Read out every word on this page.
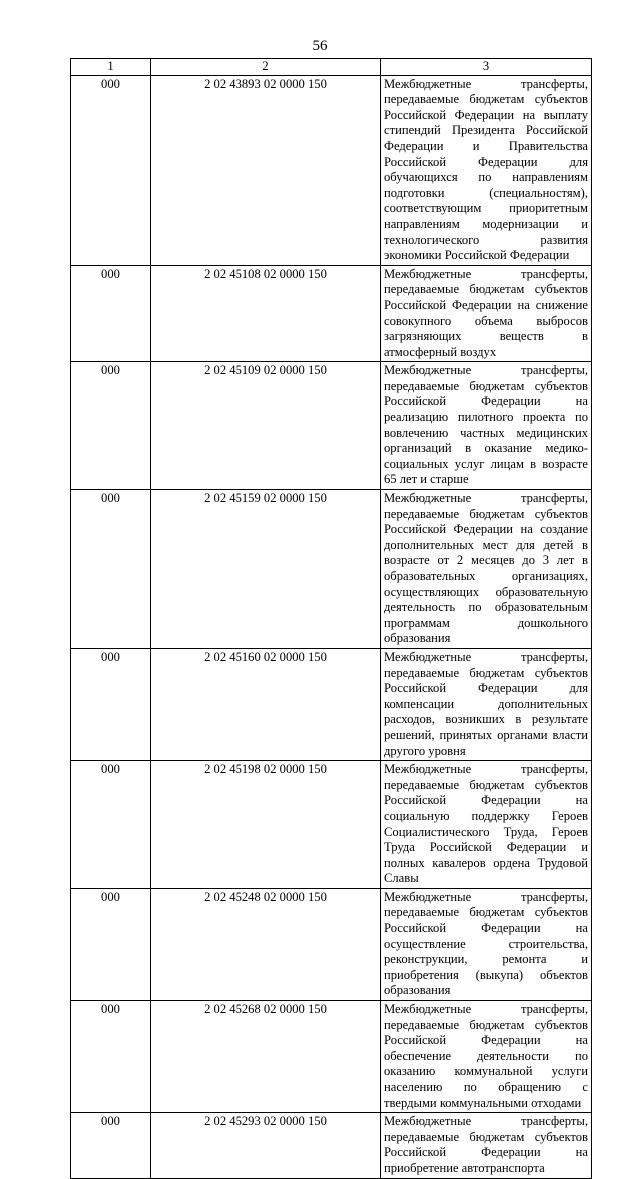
56
1	2	3
000	2 02 43893 02 0000 150	Межбюджетные трансферты, передаваемые бюджетам субъектов Российской Федерации на выплату стипендий Президента Российской Федерации и Правительства Российской Федерации для обучающихся по направлениям подготовки (специальностям), соответствующим приоритетным направлениям модернизации и технологического развития экономики Российской Федерации
000	2 02 45108 02 0000 150	Межбюджетные трансферты, передаваемые бюджетам субъектов Российской Федерации на снижение совокупного объема выбросов загрязняющих веществ в атмосферный воздух
000	2 02 45109 02 0000 150	Межбюджетные трансферты, передаваемые бюджетам субъектов Российской Федерации на реализацию пилотного проекта по вовлечению частных медицинских организаций в оказание медико-социальных услуг лицам в возрасте 65 лет и старше
000	2 02 45159 02 0000 150	Межбюджетные трансферты, передаваемые бюджетам субъектов Российской Федерации на создание дополнительных мест для детей в возрасте от 2 месяцев до 3 лет в образовательных организациях, осуществляющих образовательную деятельность по образовательным программам дошкольного образования
000	2 02 45160 02 0000 150	Межбюджетные трансферты, передаваемые бюджетам субъектов Российской Федерации для компенсации дополнительных расходов, возникших в результате решений, принятых органами власти другого уровня
000	2 02 45198 02 0000 150	Межбюджетные трансферты, передаваемые бюджетам субъектов Российской Федерации на социальную поддержку Героев Социалистического Труда, Героев Труда Российской Федерации и полных кавалеров ордена Трудовой Славы
000	2 02 45248 02 0000 150	Межбюджетные трансферты, передаваемые бюджетам субъектов Российской Федерации на осуществление строительства, реконструкции, ремонта и приобретения (выкупа) объектов образования
000	2 02 45268 02 0000 150	Межбюджетные трансферты, передаваемые бюджетам субъектов Российской Федерации на обеспечение деятельности по оказанию коммунальной услуги населению по обращению с твердыми коммунальными отходами
000	2 02 45293 02 0000 150	Межбюджетные трансферты, передаваемые бюджетам субъектов Российской Федерации на приобретение автотранспорта
